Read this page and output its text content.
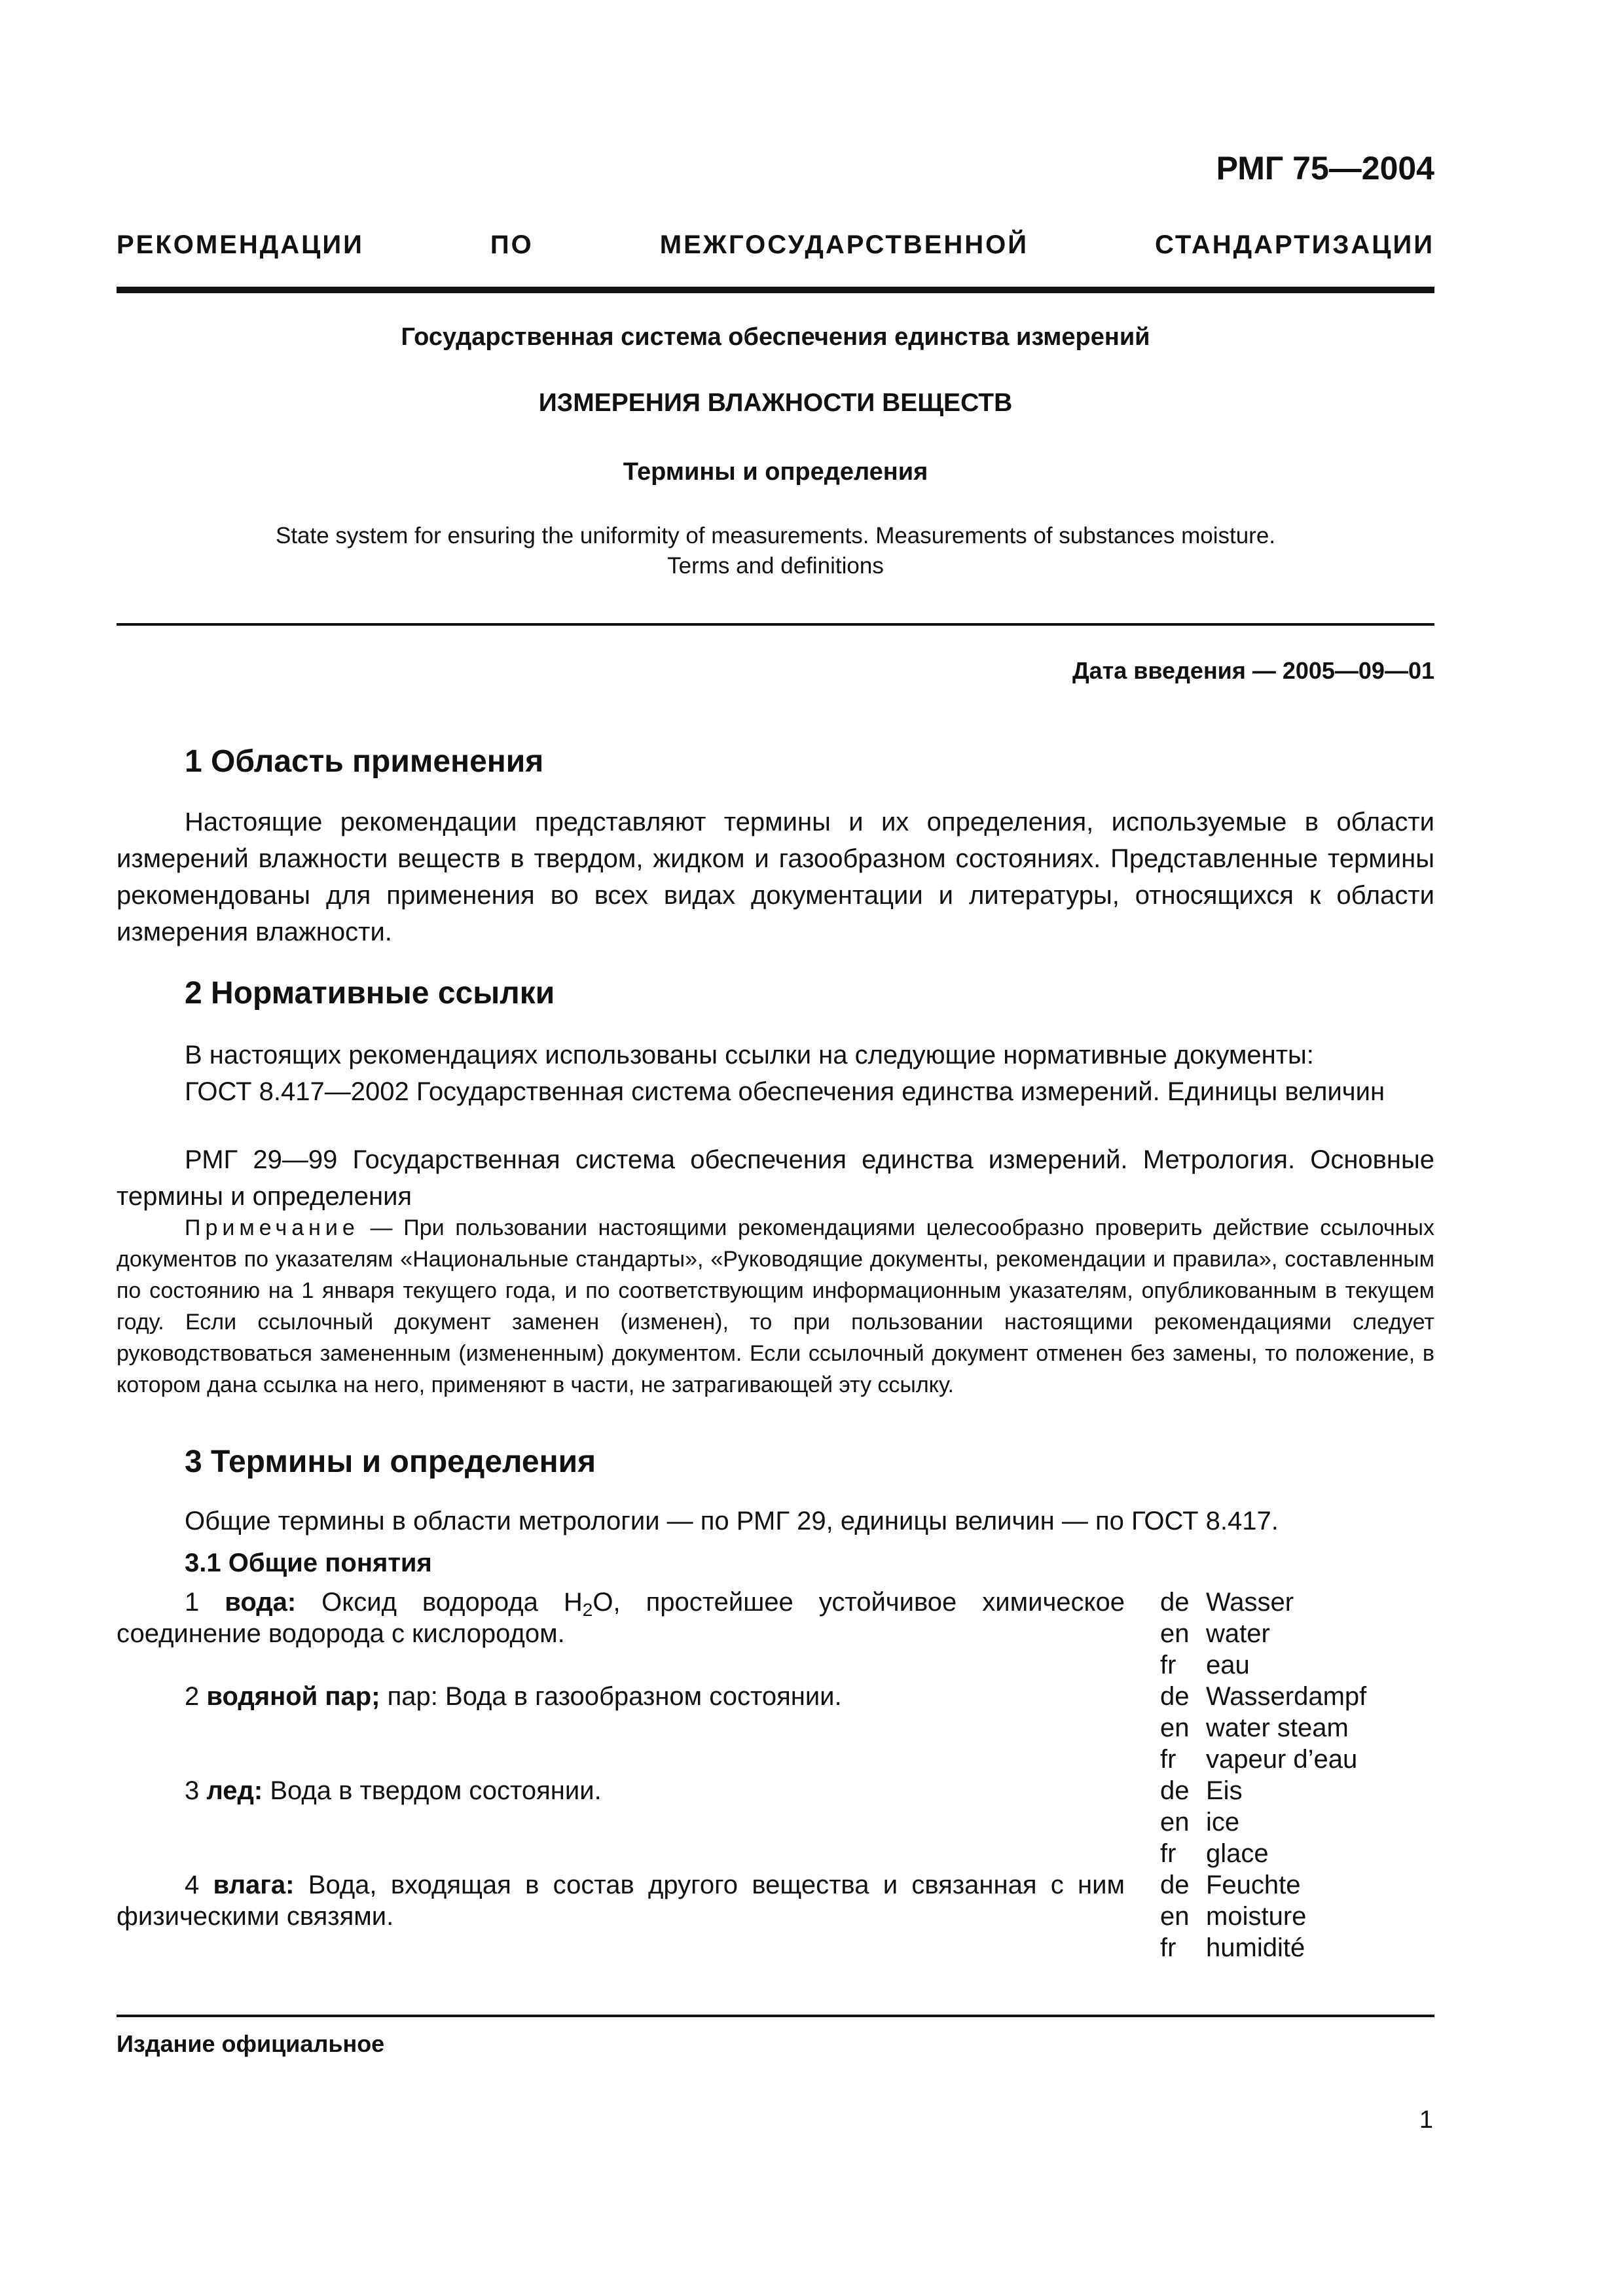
РМГ 75—2004
РЕКОМЕНДАЦИИ ПО МЕЖГОСУДАРСТВЕННОЙ СТАНДАРТИЗАЦИИ
Государственная система обеспечения единства измерений
ИЗМЕРЕНИЯ ВЛАЖНОСТИ ВЕЩЕСТВ
Термины и определения
State system for ensuring the uniformity of measurements. Measurements of substances moisture.
Terms and definitions
Дата введения — 2005—09—01
1 Область применения
Настоящие рекомендации представляют термины и их определения, используемые в области измерений влажности веществ в твердом, жидком и газообразном состояниях. Представленные термины рекомендованы для применения во всех видах документации и литературы, относящихся к области измерения влажности.
2 Нормативные ссылки
В настоящих рекомендациях использованы ссылки на следующие нормативные документы:
ГОСТ 8.417—2002 Государственная система обеспечения единства измерений. Единицы величин
РМГ 29—99 Государственная система обеспечения единства измерений. Метрология. Основные термины и определения
Примечание — При пользовании настоящими рекомендациями целесообразно проверить действие ссылочных документов по указателям «Национальные стандарты», «Руководящие документы, рекомендации и правила», составленным по состоянию на 1 января текущего года, и по соответствующим информационным указателям, опубликованным в текущем году. Если ссылочный документ заменен (изменен), то при пользовании настоящими рекомендациями следует руководствоваться замененным (измененным) документом. Если ссылочный документ отменен без замены, то положение, в котором дана ссылка на него, применяют в части, не затрагивающей эту ссылку.
3 Термины и определения
Общие термины в области метрологии — по РМГ 29, единицы величин — по ГОСТ 8.417.
3.1 Общие понятия
1 вода: Оксид водорода $H_2O$, простейшее устойчивое химическое соединение водорода с кислородом.
de Wasser
en water
fr eau
2 водяной пар; пар: Вода в газообразном состоянии.	de Wasserdampf
en water steam
fr vapeur d’eau
3 лед: Вода в твердом состоянии.	de Eis
en ice
fr glace
4 влага: Вода, входящая в состав другого вещества и связанная с ним физическими связями.
de Feuchte
en moisture
fr humidité
Издание официальное
1
